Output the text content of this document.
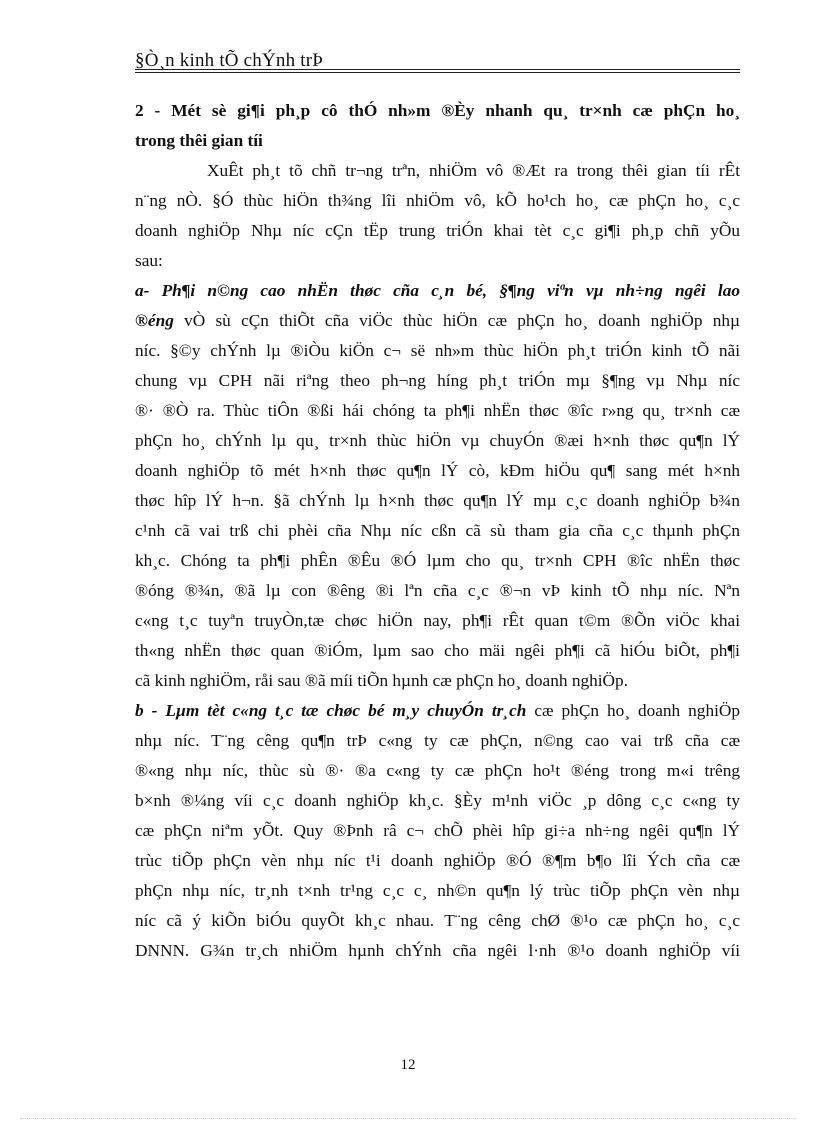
§Ò¸n kinh tÕ chÝnh trÞ

2 - Mét sè gi¶i ph¸p cô thÓ nh»m ®Èy nhanh qu¸ tr×nh cæ phÇn ho¸
trong thêi gian tíi

XuÊt ph¸t tõ chñ tr¬ng trªn, nhiÖm vô ®Æt ra trong thêi gian tíi rÊt
n¨ng nÒ. §Ó thùc hiÖn th¾ng lîi nhiÖm vô, kÕ ho¹ch ho¸ cæ phÇn ho¸ c¸c
doanh nghiÖp Nhµ níc cÇn tËp trung triÓn khai tèt c¸c gi¶i ph¸p chñ yÕu
sau:

a- Ph¶i n©ng cao nhËn thøc cña c¸n bé, §¶ng viªn vµ nh÷ng ngêi lao
®éng vÒ sù cÇn thiÕt cña viÖc thùc hiÖn cæ phÇn ho¸ doanh nghiÖp nhµ
níc. §©y chÝnh lµ ®iÒu kiÖn c¬ së nh»m thùc hiÖn ph¸t triÓn kinh tÕ nãi
chung vµ CPH nãi riªng theo ph¬ng híng ph¸t triÓn mµ §¶ng vµ Nhµ níc
®· ®Ò ra. Thùc tiÔn ®ßi hái chóng ta ph¶i nhËn thøc ®îc r»ng qu¸ tr×nh cæ
phÇn ho¸ chÝnh lµ qu¸ tr×nh thùc hiÖn vµ chuyÓn ®æi h×nh thøc qu¶n lÝ
doanh nghiÖp tõ mét h×nh thøc qu¶n lÝ cò, kÐm hiÖu qu¶ sang mét h×nh
thøc hîp lÝ h¬n. §ã chÝnh lµ h×nh thøc qu¶n lÝ mµ c¸c doanh nghiÖp b¾n
c¹nh cã vai trß chi phèi cña Nhµ níc cßn cã sù tham gia cña c¸c thµnh phÇn
kh¸c. Chóng ta ph¶i phÊn ®Êu ®Ó lµm cho qu¸ tr×nh CPH ®îc nhËn thøc
®óng ®¾n, ®ã lµ con ®êng ®i lªn cña c¸c ®¬n vÞ kinh tÕ nhµ níc. Nªn
c«ng t¸c tuyªn truyÒn,tæ chøc hiÖn nay, ph¶i rÊt quan t©m ®Õn viÖc khai
th«ng nhËn thøc quan ®iÓm, lµm sao cho mäi ngêi ph¶i cã hiÓu biÕt, ph¶i
cã kinh nghiÖm, råi sau ®ã míi tiÕn hµnh cæ phÇn ho¸ doanh nghiÖp.

b - Lµm tèt c«ng t¸c tæ chøc bé m¸y chuyÓn tr¸ch cæ phÇn ho¸ doanh nghiÖp
nhµ níc. T¨ng cêng qu¶n trÞ c«ng ty cæ phÇn, n©ng cao vai trß cña cæ
®«ng nhµ níc, thùc sù ®· ®a c«ng ty cæ phÇn ho¹t ®éng trong m«i trêng
b×nh ®¼ng víi c¸c doanh nghiÖp kh¸c. §Èy m¹nh viÖc ¸p dông c¸c c«ng ty
cæ phÇn niªm yÕt. Quy ®Þnh râ c¬ chÕ phèi hîp gi÷a nh÷ng ngêi qu¶n lÝ
trùc tiÕp phÇn vèn nhµ níc t¹i doanh nghiÖp ®Ó ®¶m b¶o lîi Ých cña cæ
phÇn nhµ níc, tr¸nh t×nh tr¹ng c¸c c¸ nh©n qu¶n lý trùc tiÕp phÇn vèn nhµ
níc cã ý kiÕn biÓu quyÕt kh¸c nhau. T¨ng cêng chØ ®¹o cæ phÇn ho¸ c¸c
DNNN. G¾n tr¸ch nhiÖm hµnh chÝnh cña ngêi l·nh ®¹o doanh nghiÖp víi

12
